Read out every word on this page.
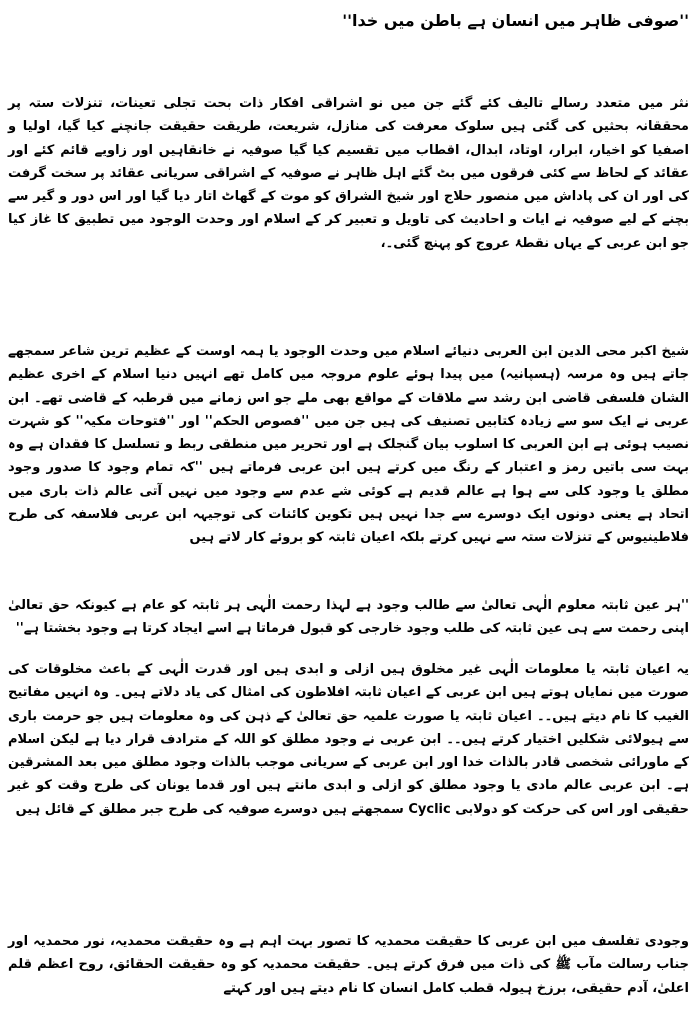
''صوفی ظاہر میں انسان ہے باطن میں خدا''

نثر میں متعدد رسالے تالیف کئے گئے جن میں نو اشراقی افکار ذات بحت تجلی تعینات، تنزلات ستہ پر محققانہ بحثیں کی گئی ہیں سلوک معرفت کی منازل، شریعت، طریقت حقیقت جانچنے کیا گیا، اولیا و اصفیا کو اخیار، ابرار، اوتاد، ابدال، اقطاب میں تقسیم کیا گیا صوفیہ نے خانقاہیں اور زاویے قائم کئے اور عقائد کے لحاظ سے کئی فرقوں میں بٹ گئے اہل ظاہر نے صوفیہ کے اشراقی سریانی عقائد پر سخت گرفت کی اور ان کی پاداش میں منصور حلاج اور شیخ الشراق کو موت کے گھاٹ اتار دیا گیا اور اس دور و گیر سے بچنے کے لیے صوفیہ نے ایات و احادیث کی تاویل و تعبیر کر کے اسلام اور وحدت الوجود میں تطبیق کا غاز کیا جو ابن عربی کے یہاں نقطۂ عروج کو پہنچ گئی۔،

شیخ اکبر محی الدین ابن العربی دنیائے اسلام میں وحدت الوجود یا ہمہ اوست کے عظیم ترین شاعر سمجھے جاتے ہیں وہ مرسہ (ہسپانیہ) میں پیدا ہوئے علوم مروجہ میں کامل تھے انہیں دنیا اسلام کے اخری عظیم الشان فلسفی قاضی ابن رشد سے ملاقات کے مواقع بھی ملے جو اس زمانے میں قرطبہ کے قاضی تھے۔ ابن عربی نے ایک سو سے زیادہ کتابیں تصنیف کی ہیں جن میں ''فصوص الحکم'' اور ''فتوحات مکیہ'' کو شہرت نصیب ہوئی ہے ابن العربی کا اسلوب بیان گنجلک ہے اور تحریر میں منطقی ربط و تسلسل کا فقدان ہے وہ بہت سی باتیں رمز و اعتبار کے رنگ میں کرتے ہیں ابن عربی فرماتے ہیں ''کہ تمام وجود کا صدور وجود مطلق یا وجود کلی سے ہوا ہے عالم قدیم ہے کوئی شے عدم سے وجود میں نہیں آتی عالم ذات باری میں اتحاد ہے یعنی دونوں ایک دوسرے سے جدا نہیں ہیں تکوین کائنات کی توجیہہ ابن عربی فلاسفہ کی طرح فلاطینیوس کے تنزلات ستہ سے نہیں کرتے بلکہ اعیان ثابتہ کو بروئے کار لاتے ہیں

''ہر عین ثابتہ معلوم الٰہی تعالیٰ سے طالب وجود ہے لہذا رحمت الٰہی ہر ثابتہ کو عام ہے کیونکہ حق تعالیٰ اپنی رحمت سے ہی عین ثابتہ کی طلب وجود خارجی کو قبول فرماتا ہے اسے ایجاد کرتا ہے وجود بخشتا ہے''

یہ اعیان ثابتہ یا معلومات الٰہی غیر مخلوق ہیں ازلی و ابدی ہیں اور قدرت الٰہی کے باعث مخلوقات کی صورت میں نمایاں ہوتے ہیں ابن عربی کے اعیان ثابتہ افلاطون کی امثال کی یاد دلاتے ہیں۔ وہ انہیں مفاتیح الغیب کا نام دیتے ہیں۔۔ اعیان ثابتہ یا صورت علمیہ حق تعالیٰ کے ذہن کی وہ معلومات ہیں جو حرمت باری سے ہیولائی شکلیں اختیار کرتے ہیں۔۔ ابن عربی نے وجود مطلق کو اللہ کے مترادف قرار دیا ہے لیکن اسلام کے ماورائی شخصی قادر بالذات خدا اور ابن عربی کے سریانی موجب بالذات وجود مطلق میں بعد المشرقین ہے۔ ابن عربی عالم مادی یا وجود مطلق کو ازلی و ابدی مانتے ہیں اور قدما یونان کی طرح وقت کو غیر حقیقی اور اس کی حرکت کو دولابی Cyclic سمجھتے ہیں دوسرے صوفیہ کی طرح جبر مطلق کے قائل ہیں

وجودی تفلسف میں ابن عربی کا حقیقت محمدیہ کا تصور بہت اہم ہے وہ حقیقت محمدیہ، نور محمدیہ اور جناب رسالت مآب ﷺ کی ذات میں فرق کرتے ہیں۔ حقیقت محمدیہ کو وہ حقیقت الحقائق، روح اعظم قلم اعلیٰ، آدم حقیقی، برزخ ہیولہ قطب کامل انسان کا نام دیتے ہیں اور کہتے
